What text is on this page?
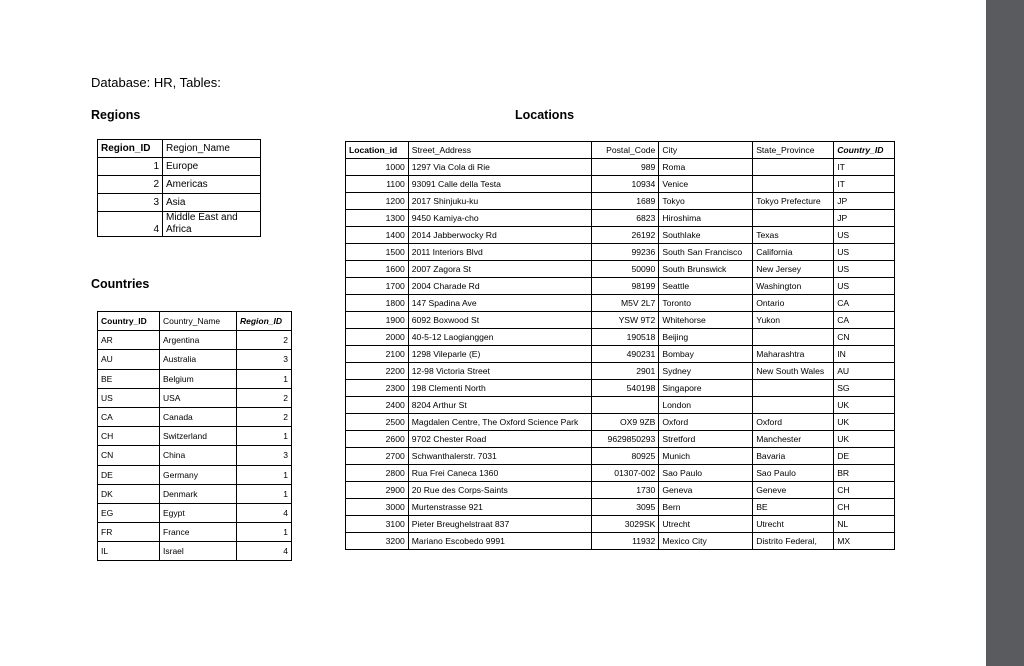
Database: HR, Tables:
Regions	Locations
Countries
Region_ID	Region_Name
1	Europe
2	Americas
3	Asia
4	Middle East and Africa
Country_ID	Country_Name	Region_ID
AR	Argentina	2
AU	Australia	3
BE	Belgium	1
US	USA	2
CA	Canada	2
CH	Switzerland	1
CN	China	3
DE	Germany	1
DK	Denmark	1
EG	Egypt	4
FR	France	1
IL	Israel	4
Location_id	Street_Address	Postal_Code	City	State_Province	Country_ID
1000	1297 Via Cola di Rie	989	Roma		IT
1100	93091 Calle della Testa	10934	Venice		IT
1200	2017 Shinjuku-ku	1689	Tokyo	Tokyo Prefecture	JP
1300	9450 Kamiya-cho	6823	Hiroshima		JP
1400	2014 Jabberwocky Rd	26192	Southlake	Texas	US
1500	2011 Interiors Blvd	99236	South San Francisco	California	US
1600	2007 Zagora St	50090	South Brunswick	New Jersey	US
1700	2004 Charade Rd	98199	Seattle	Washington	US
1800	147 Spadina Ave	M5V 2L7	Toronto	Ontario	CA
1900	6092 Boxwood St	YSW 9T2	Whitehorse	Yukon	CA
2000	40-5-12 Laogianggen	190518	Beijing		CN
2100	1298 Vileparle (E)	490231	Bombay	Maharashtra	IN
2200	12-98 Victoria Street	2901	Sydney	New South Wales	AU
2300	198 Clementi North	540198	Singapore		SG
2400	8204 Arthur St		London		UK
2500	Magdalen Centre, The Oxford Science Park	OX9 9ZB	Oxford	Oxford	UK
2600	9702 Chester Road	9629850293	Stretford	Manchester	UK
2700	Schwanthalerstr. 7031	80925	Munich	Bavaria	DE
2800	Rua Frei Caneca 1360	01307-002	Sao Paulo	Sao Paulo	BR
2900	20 Rue des Corps-Saints	1730	Geneva	Geneve	CH
3000	Murtenstrasse 921	3095	Bern	BE	CH
3100	Pieter Breughelstraat 837	3029SK	Utrecht	Utrecht	NL
3200	Mariano Escobedo 9991	11932	Mexico City	Distrito Federal,	MX
